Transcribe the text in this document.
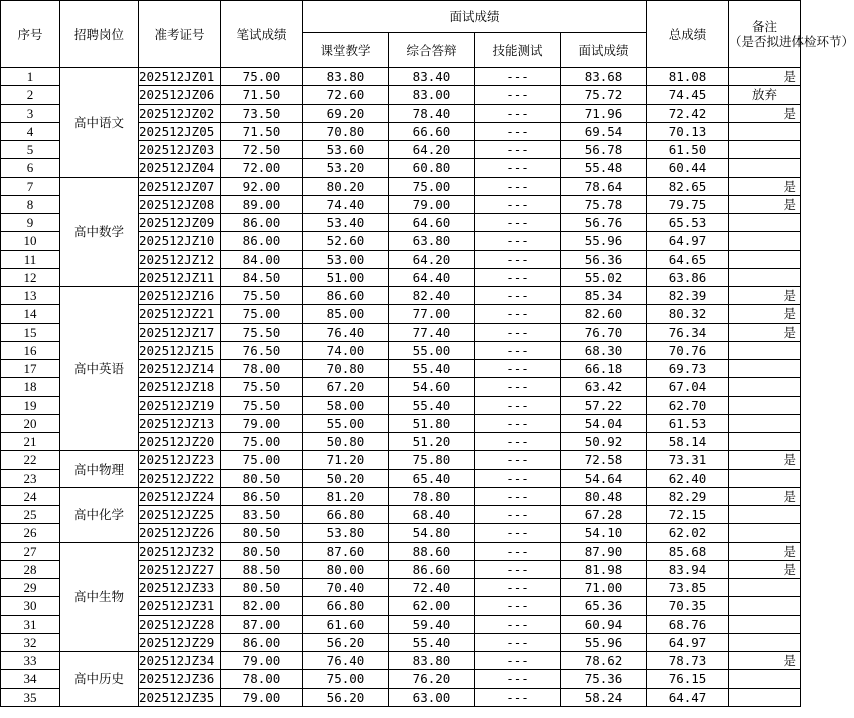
序号	招聘岗位	准考证号	笔试成绩	面试成绩				总成绩	备注
（是否拟进体检环节）
				课堂教学	综合答辩	技能测试	面试成绩		
1	高中语文	202512JZ01	75.00	83.80	83.40	---	83.68	81.08	是
2		202512JZ06	71.50	72.60	83.00	---	75.72	74.45	放弃
3		202512JZ02	73.50	69.20	78.40	---	71.96	72.42	是
4		202512JZ05	71.50	70.80	66.60	---	69.54	70.13	
5		202512JZ03	72.50	53.60	64.20	---	56.78	61.50	
6		202512JZ04	72.00	53.20	60.80	---	55.48	60.44	
7	高中数学	202512JZ07	92.00	80.20	75.00	---	78.64	82.65	是
8		202512JZ08	89.00	74.40	79.00	---	75.78	79.75	是
9		202512JZ09	86.00	53.40	64.60	---	56.76	65.53	
10		202512JZ10	86.00	52.60	63.80	---	55.96	64.97	
11		202512JZ12	84.00	53.00	64.20	---	56.36	64.65	
12		202512JZ11	84.50	51.00	64.40	---	55.02	63.86	
13	高中英语	202512JZ16	75.50	86.60	82.40	---	85.34	82.39	是
14		202512JZ21	75.00	85.00	77.00	---	82.60	80.32	是
15		202512JZ17	75.50	76.40	77.40	---	76.70	76.34	是
16		202512JZ15	76.50	74.00	55.00	---	68.30	70.76	
17		202512JZ14	78.00	70.80	55.40	---	66.18	69.73	
18		202512JZ18	75.50	67.20	54.60	---	63.42	67.04	
19		202512JZ19	75.50	58.00	55.40	---	57.22	62.70	
20		202512JZ13	79.00	55.00	51.80	---	54.04	61.53	
21		202512JZ20	75.00	50.80	51.20	---	50.92	58.14	
22	高中物理	202512JZ23	75.00	71.20	75.80	---	72.58	73.31	是
23		202512JZ22	80.50	50.20	65.40	---	54.64	62.40	
24	高中化学	202512JZ24	86.50	81.20	78.80	---	80.48	82.29	是
25		202512JZ25	83.50	66.80	68.40	---	67.28	72.15	
26		202512JZ26	80.50	53.80	54.80	---	54.10	62.02	
27	高中生物	202512JZ32	80.50	87.60	88.60	---	87.90	85.68	是
28		202512JZ27	88.50	80.00	86.60	---	81.98	83.94	是
29		202512JZ33	80.50	70.40	72.40	---	71.00	73.85	
30		202512JZ31	82.00	66.80	62.00	---	65.36	70.35	
31		202512JZ28	87.00	61.60	59.40	---	60.94	68.76	
32		202512JZ29	86.00	56.20	55.40	---	55.96	64.97	
33	高中历史	202512JZ34	79.00	76.40	83.80	---	78.62	78.73	是
34		202512JZ36	78.00	75.00	76.20	---	75.36	76.15	
35		202512JZ35	79.00	56.20	63.00	---	58.24	64.47	
